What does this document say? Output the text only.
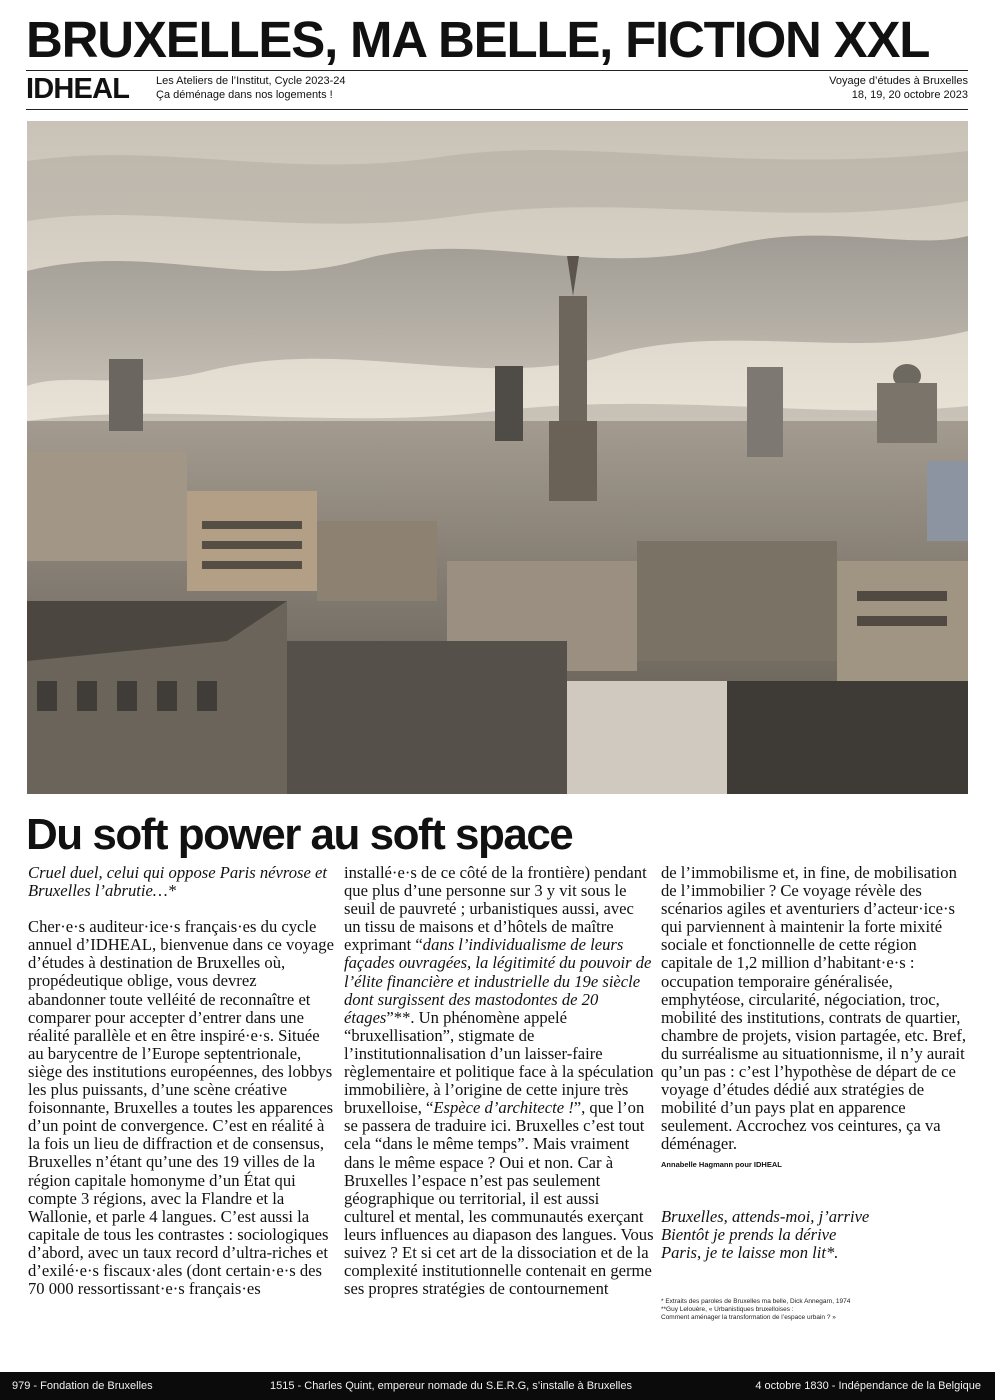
BRUXELLES, MA BELLE, FICTION XXL
IDHEAL Les Ateliers de l’Institut, Cycle 2023-24
Ça déménage dans nos logements !
Voyage d’études à Bruxelles
18, 19, 20 octobre 2023
Du soft power au soft space

Cruel duel, celui qui oppose Paris névrose et Bruxelles l’abrutie…*

Cher·e·s auditeur·ice·s français·es du cycle annuel d’IDHEAL, bienvenue dans ce voyage d’études à destination de Bruxelles où, propédeutique oblige, vous devrez abandonner toute velléité de reconnaître et comparer pour accepter d’entrer dans une réalité parallèle et en être inspiré·e·s. Située au barycentre de l’Europe septentrionale, siège des institutions européennes, des lobbys les plus puissants, d’une scène créative foisonnante, Bruxelles a toutes les apparences d’un point de convergence. C’est en réalité à la fois un lieu de diffraction et de consensus, Bruxelles n’étant qu’une des 19 villes de la région capitale homonyme d’un État qui compte 3 régions, avec la Flandre et la Wallonie, et parle 4 langues. C’est aussi la capitale de tous les contrastes : sociologiques d’abord, avec un taux record d’ultra-riches et d’exilé·e·s fiscaux·ales (dont certain·e·s des 70 000 ressortissant·e·s français·es

installé·e·s de ce côté de la frontière) pendant que plus d’une personne sur 3 y vit sous le seuil de pauvreté ; urbanistiques aussi, avec un tissu de maisons et d’hôtels de maître exprimant “dans l’individualisme de leurs façades ouvragées, la légitimité du pouvoir de l’élite financière et industrielle du 19e siècle dont surgissent des mastodontes de 20 étages”**. Un phénomène appelé “bruxellisation”, stigmate de l’institutionnalisation d’un laisser-faire règlementaire et politique face à la spéculation immobilière, à l’origine de cette injure très bruxelloise, “Espèce d’architecte !”, que l’on se passera de traduire ici. Bruxelles c’est tout cela “dans le même temps”. Mais vraiment dans le même espace ? Oui et non. Car à Bruxelles l’espace n’est pas seulement géographique ou territorial, il est aussi culturel et mental, les communautés exerçant leurs influences au diapason des langues. Vous suivez ? Et si cet art de la dissociation et de la complexité institutionnelle contenait en germe ses propres stratégies de contournement

de l’immobilisme et, in fine, de mobilisation de l’immobilier ? Ce voyage révèle des scénarios agiles et aventuriers d’acteur·ice·s qui parviennent à maintenir la forte mixité sociale et fonctionnelle de cette région capitale de 1,2 million d’habitant·e·s : occupation temporaire généralisée, emphytéose, circularité, négociation, troc, mobilité des institutions, contrats de quartier, chambre de projets, vision partagée, etc. Bref, du surréalisme au situationnisme, il n’y aurait qu’un pas : c’est l’hypothèse de départ de ce voyage d’études dédié aux stratégies de mobilité d’un pays plat en apparence seulement. Accrochez vos ceintures, ça va déménager.

Annabelle Hagmann pour IDHEAL

Bruxelles, attends-moi, j’arrive
Bientôt je prends la dérive
Paris, je te laisse mon lit*.

* Extraits des paroles de Bruxelles ma belle, Dick Annegarn, 1974
**Guy Lelouère, « Urbanistiques bruxelloises :
Comment aménager la transformation de l’espace urbain ? »

979 - Fondation de Bruxelles	1515 - Charles Quint, empereur nomade du S.E.R.G, s’installe à Bruxelles	4 octobre 1830 - Indépendance de la Belgique
